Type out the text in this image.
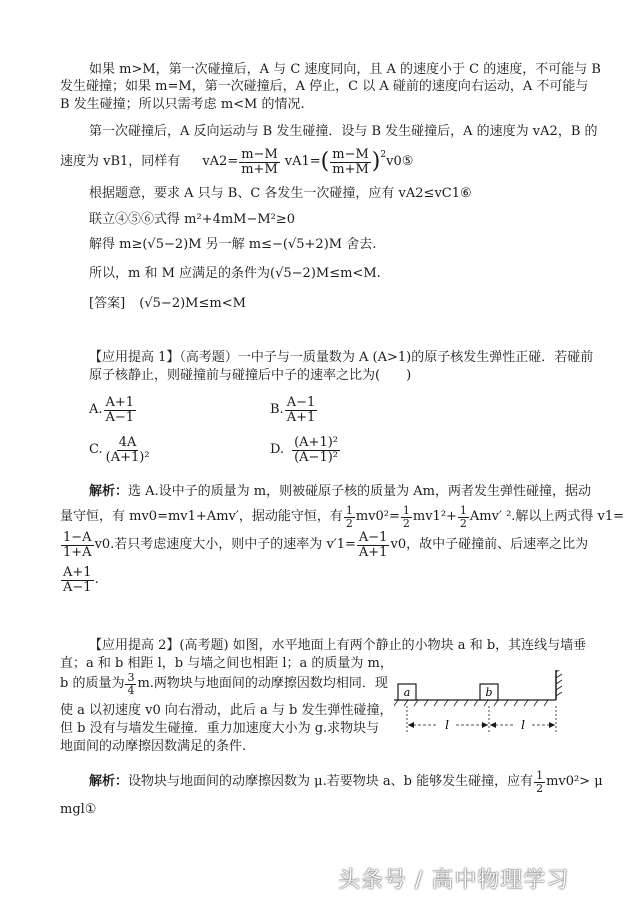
如果 m>M，第一次碰撞后，A 与 C 速度同向，且 A 的速度小于 C 的速度，不可能与 B
发生碰撞；如果 m=M，第一次碰撞后，A 停止，C 以 A 碰前的速度向右运动，A 不可能与
B 发生碰撞；所以只需考虑 m<M 的情况.
第一次碰撞后，A 反向运动与 B 发生碰撞．设与 B 发生碰撞后，A 的速度为 vA2，B 的
速度为 vB1，同样有 $vA2= \frac{m-M}{m+M} vA1=$ ( $\frac{m-M}{m+M} )^2$ v0⑤
根据题意，要求 A 只与 B、C 各发生一次碰撞，应有 vA2≤vC1⑥
联立④⑤⑥式得 m²+4mM−M²≥0
解得 m≥(√5−2)M 另一解 m≤−(√5+2)M 舍去.
所以，m 和 M 应满足的条件为(√5−2)M≤m<M.
[答案] (√5−2)M≤m<M
【应用提高 1】（高考题）一中子与一质量数为 A (A>1)的原子核发生弹性正碰．若碰前
原子核静止，则碰撞前与碰撞后中子的速率之比为(　　)
A. $\frac{A+1}{A-1}$	B. $\frac{A-1}{A+1}$
C. $\frac{4A}{\text{(A+1)²}}$	D. $\frac{\text{(A+1)²}}{\text{(A−1)²}}$
解析：选 A.设中子的质量为 m，则被碰原子核的质量为 Am，两者发生弹性碰撞，据动
量守恒，有 mv0=mv1+Amv′，据动能守恒，有 $\frac{1}{2} mv0^2= \frac{1}{2} mv1^2+ \frac{1}{2} Amv'$ ².解以上两式得 v1=
$\frac{1-A}{1+A} v0$.若只考虑速度大小，则中子的速率为 $v'1= \frac{A-1}{A+1} v0$，故中子碰撞前、后速率之比为
$\frac{A+1}{A-1}$ .
【应用提高 2】(高考题) 如图，水平地面上有两个静止的小物块 a 和 b，其连线与墙垂
直；a 和 b 相距 l，b 与墙之间也相距 l；a 的质量为 m，
b 的质量为 $\frac{3}{4} m$.两物块与地面间的动摩擦因数均相同．现
使 a 以初速度 v0 向右滑动，此后 a 与 b 发生弹性碰撞，
但 b 没有与墙发生碰撞．重力加速度大小为 g.求物块与
地面间的动摩擦因数满足的条件.
a	b
l	l
解析： 设物块与地面间的动摩擦因数为 μ.若要物块 a、b 能够发生碰撞，应有 $\frac{1}{2} mv0^2> \mu$
mgl①
头条号 / 高中物理学习
